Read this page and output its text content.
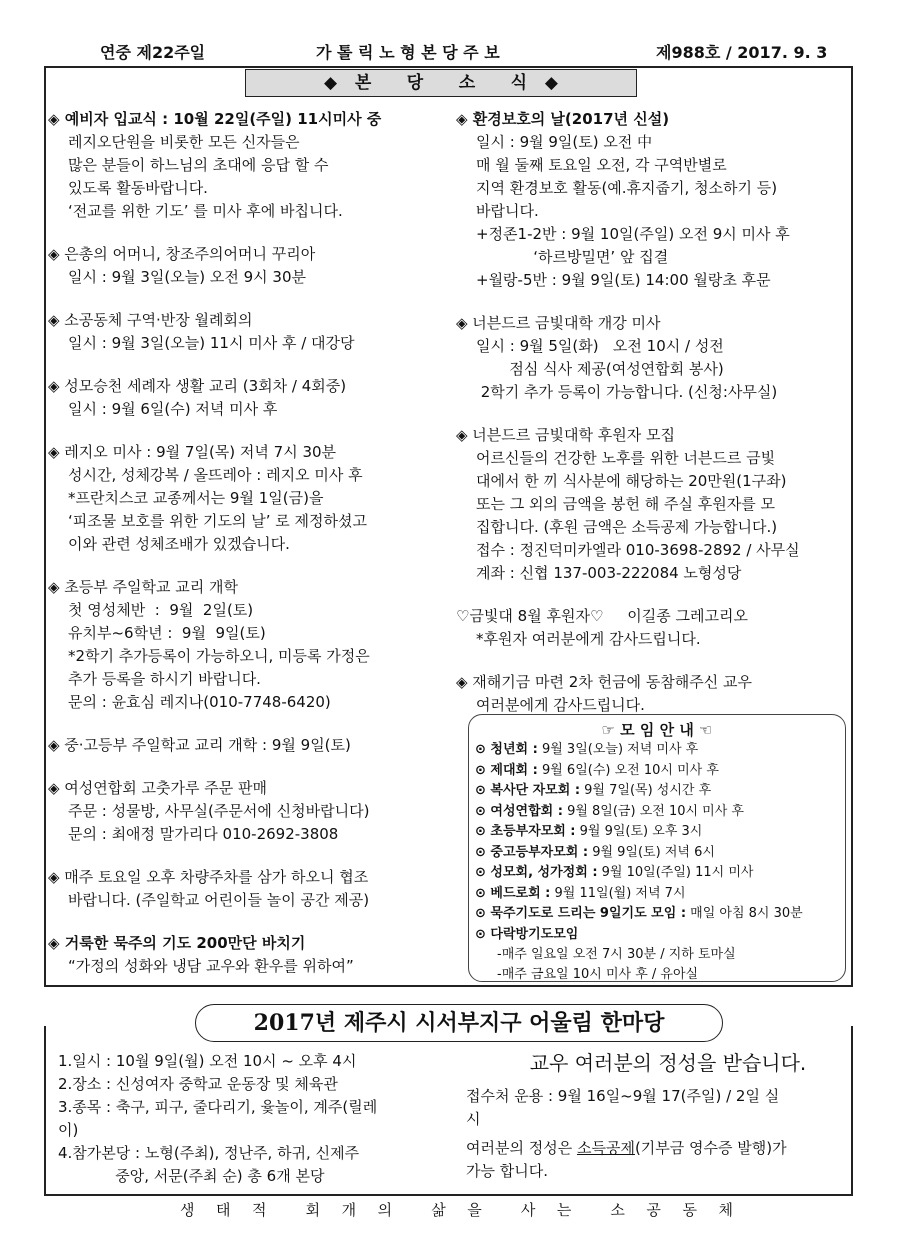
연중 제22주일	가 톨 릭 노 형 본 당 주 보	제988호 / 2017. 9. 3
◆   본      당      소      식   ◆
◈ 예비자 입교식 : 10월 22일(주일) 11시미사 중
레지오단원을 비롯한 모든 신자들은
많은 분들이 하느님의 초대에 응답 할 수
있도록 활동바랍니다.
‘전교를 위한 기도’ 를 미사 후에 바칩니다.
◈ 은총의 어머니, 창조주의어머니 꾸리아
일시 : 9월 3일(오늘) 오전 9시 30분
◈ 소공동체 구역·반장 월례회의
일시 : 9월 3일(오늘) 11시 미사 후 / 대강당
◈ 성모승천 세례자 생활 교리 (3회차 / 4회중)
일시 : 9월 6일(수) 저녁 미사 후
◈ 레지오 미사 : 9월 7일(목) 저녁 7시 30분
성시간, 성체강복 / 올뜨레아 : 레지오 미사 후
*프란치스코 교종께서는 9월 1일(금)을
‘피조물 보호를 위한 기도의 날’ 로 제정하셨고
이와 관련 성체조배가 있겠습니다.
◈ 초등부 주일학교 교리 개학
첫 영성체반  :  9월  2일(토)
유치부~6학년 :  9월  9일(토)
*2학기 추가등록이 가능하오니, 미등록 가정은
추가 등록을 하시기 바랍니다.
문의 : 윤효심 레지나(010-7748-6420)
◈ 중·고등부 주일학교 교리 개학 : 9월 9일(토)
◈ 여성연합회 고춧가루 주문 판매
주문 : 성물방, 사무실(주문서에 신청바랍니다)
문의 : 최애정 말가리다 010-2692-3808
◈ 매주 토요일 오후 차량주차를 삼가 하오니 협조
바랍니다. (주일학교 어린이들 놀이 공간 제공)
◈ 거룩한 묵주의 기도 200만단 바치기
“가정의 성화와 냉담 교우와 환우를 위하여”
◈ 환경보호의 날(2017년 신설)
일시 : 9월 9일(토) 오전 中
매 월 둘째 토요일 오전, 각 구역반별로
지역 환경보호 활동(예.휴지줍기, 청소하기 등)
바랍니다.
+정존1-2반 : 9월 10일(주일) 오전 9시 미사 후
‘하르방밀면’ 앞 집결
+월랑-5반 : 9월 9일(토) 14:00 월랑초 후문
◈ 너븐드르 금빛대학 개강 미사
일시 : 9월 5일(화)   오전 10시 / 성전
점심 식사 제공(여성연합회 봉사)
2학기 추가 등록이 가능합니다. (신청:사무실)
◈ 너븐드르 금빛대학 후원자 모집
어르신들의 건강한 노후를 위한 너븐드르 금빛
대에서 한 끼 식사분에 해당하는 20만원(1구좌)
또는 그 외의 금액을 봉헌 해 주실 후원자를 모
집합니다. (후원 금액은 소득공제 가능합니다.)
접수 : 정진덕미카엘라 010-3698-2892 / 사무실
계좌 : 신협 137-003-222084 노형성당
♡금빛대 8월 후원자♡     이길종 그레고리오
*후원자 여러분에게 감사드립니다.
◈ 재해기금 마련 2차 헌금에 동참해주신 교우
여러분에게 감사드립니다.
☞ 모 임 안 내 ☜
⊙ 청년회 : 9월 3일(오늘) 저녁 미사 후
⊙ 제대회 : 9월 6일(수) 오전 10시 미사 후
⊙ 복사단 자모회 : 9월 7일(목) 성시간 후
⊙ 여성연합회 : 9월 8일(금) 오전 10시 미사 후
⊙ 초등부자모회 : 9월 9일(토) 오후 3시
⊙ 중고등부자모회 : 9월 9일(토) 저녁 6시
⊙ 성모회, 성가정회 : 9월 10일(주일) 11시 미사
⊙ 베드로회 : 9월 11일(월) 저녁 7시
⊙ 묵주기도로 드리는 9일기도 모임 : 매일 아침 8시 30분
⊙ 다락방기도모임
-매주 일요일 오전 7시 30분 / 지하 토마실
-매주 금요일 10시 미사 후 / 유아실
2017년 제주시 시서부지구 어울림 한마당
1.일시 : 10월 9일(월) 오전 10시 ~ 오후 4시
2.장소 : 신성여자 중학교 운동장 및 체육관
3.종목 : 축구, 피구, 줄다리기, 윷놀이, 계주(릴레
이)
4.참가본당 : 노형(주최), 정난주, 하귀, 신제주
중앙, 서문(주최 순) 총 6개 본당
교우 여러분의 정성을 받습니다.
접수처 운용 : 9월 16일~9월 17(주일) / 2일 실
시
여러분의 정성은 소득공제(기부금 영수증 발행)가
가능 합니다.
생  태  적    회  개  의    삶  을    사  는    소  공  동  체
